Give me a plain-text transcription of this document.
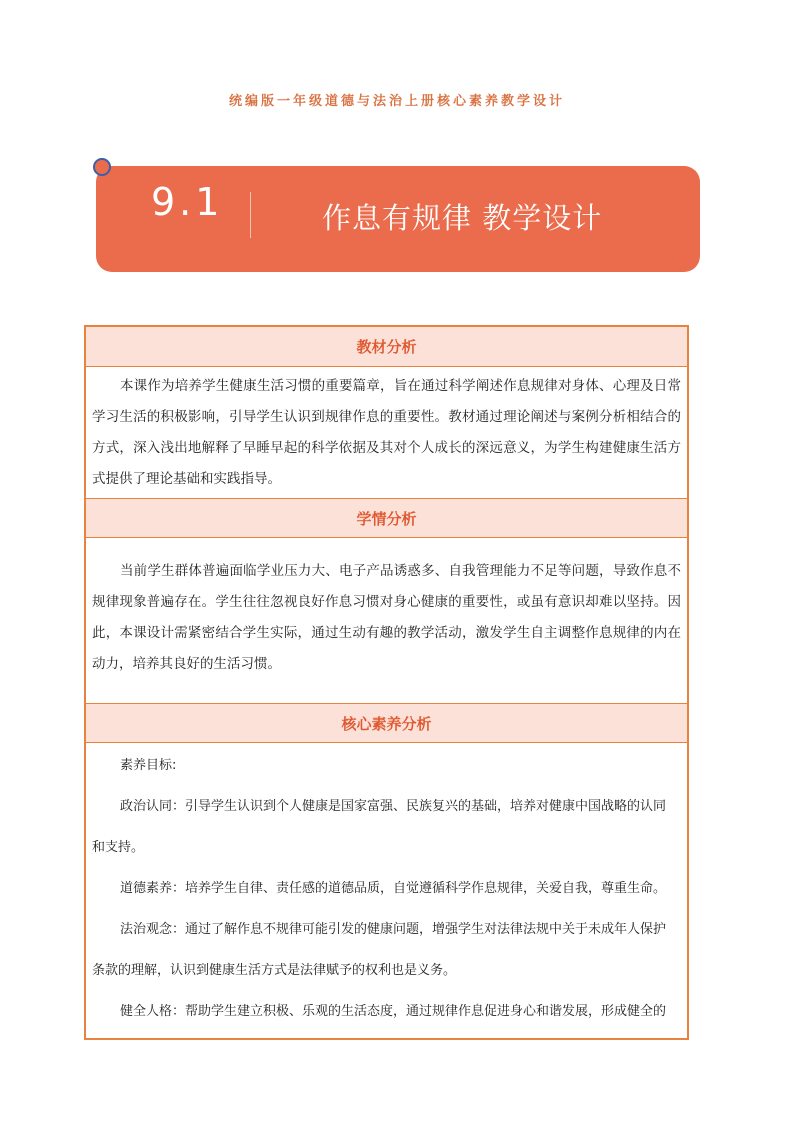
统编版一年级道德与法治上册核心素养教学设计
9.1	作息有规律 教学设计
教材分析

本课作为培养学生健康生活习惯的重要篇章，旨在通过科学阐述作息规律对身体、心理及日常学习生活的积极影响，引导学生认识到规律作息的重要性。教材通过理论阐述与案例分析相结合的方式，深入浅出地解释了早睡早起的科学依据及其对个人成长的深远意义，为学生构建健康生活方式提供了理论基础和实践指导。

学情分析

当前学生群体普遍面临学业压力大、电子产品诱惑多、自我管理能力不足等问题，导致作息不规律现象普遍存在。学生往往忽视良好作息习惯对身心健康的重要性，或虽有意识却难以坚持。因此，本课设计需紧密结合学生实际，通过生动有趣的教学活动，激发学生自主调整作息规律的内在动力，培养其良好的生活习惯。

核心素养分析

素养目标:

政治认同：引导学生认识到个人健康是国家富强、民族复兴的基础，培养对健康中国战略的认同

和支持。

道德素养：培养学生自律、责任感的道德品质，自觉遵循科学作息规律，关爱自我，尊重生命。

法治观念：通过了解作息不规律可能引发的健康问题，增强学生对法律法规中关于未成年人保护

条款的理解，认识到健康生活方式是法律赋予的权利也是义务。

健全人格：帮助学生建立积极、乐观的生活态度，通过规律作息促进身心和谐发展，形成健全的
